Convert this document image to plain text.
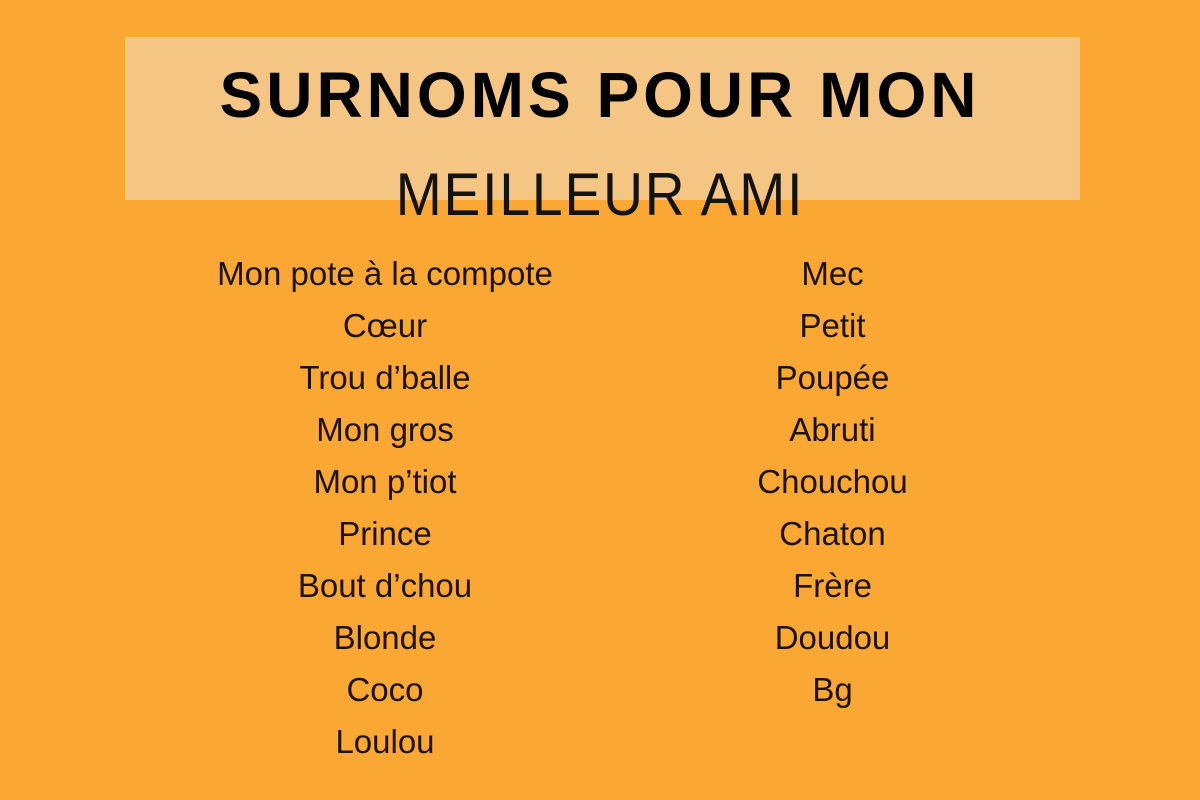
SURNOMS POUR MON
MEILLEUR AMI
Mon pote à la compote
Cœur
Trou d’balle
Mon gros
Mon p’tiot
Prince
Bout d’chou
Blonde
Coco
Loulou
Mec
Petit
Poupée
Abruti
Chouchou
Chaton
Frère
Doudou
Bg
